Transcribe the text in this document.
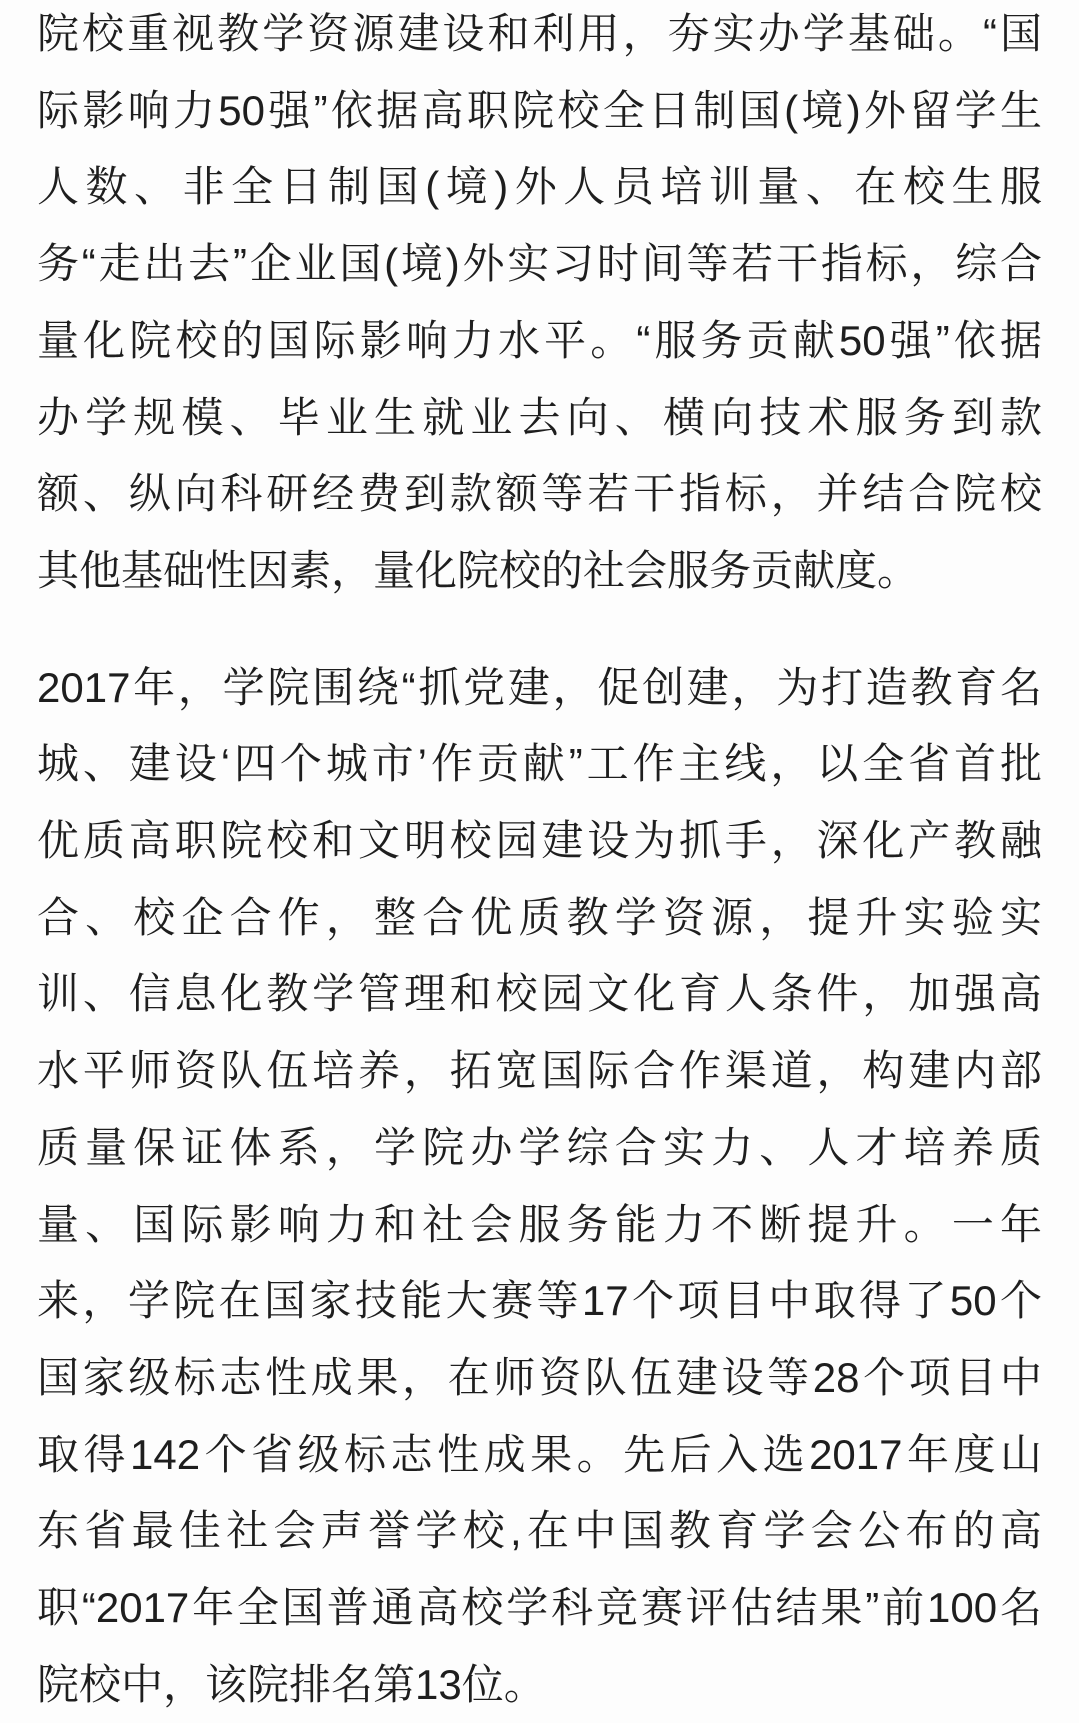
院校重视教学资源建设和利用，夯实办学基础。“国
际影响力50强”依据高职院校全日制国(境)外留学生
人数、非全日制国(境)外人员培训量、在校生服
务“走出去”企业国(境)外实习时间等若干指标，综合
量化院校的国际影响力水平。“服务贡献50强”依据
办学规模、毕业生就业去向、横向技术服务到款
额、纵向科研经费到款额等若干指标，并结合院校
其他基础性因素，量化院校的社会服务贡献度。
2017年，学院围绕“抓党建，促创建，为打造教育名
城、建设‘四个城市’作贡献”工作主线，以全省首批
优质高职院校和文明校园建设为抓手，深化产教融
合、校企合作，整合优质教学资源，提升实验实
训、信息化教学管理和校园文化育人条件，加强高
水平师资队伍培养，拓宽国际合作渠道，构建内部
质量保证体系，学院办学综合实力、人才培养质
量、国际影响力和社会服务能力不断提升。一年
来，学院在国家技能大赛等17个项目中取得了50个
国家级标志性成果，在师资队伍建设等28个项目中
取得142个省级标志性成果。先后入选2017年度山
东省最佳社会声誉学校,在中国教育学会公布的高
职“2017年全国普通高校学科竞赛评估结果”前100名
院校中，该院排名第13位。
